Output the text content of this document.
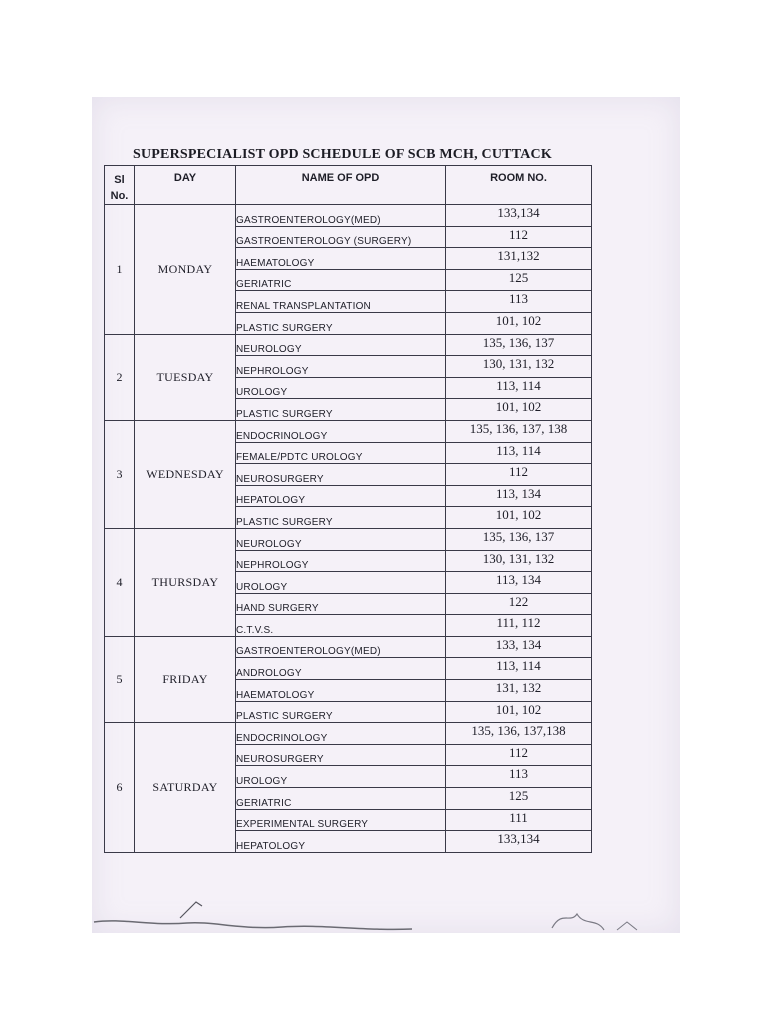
SUPERSPECIALIST OPD SCHEDULE OF SCB MCH, CUTTACK
Sl
No.	DAY	NAME OF OPD	ROOM NO.
1	MONDAY	GASTROENTEROLOGY(MED)	133,134
		GASTROENTEROLOGY (SURGERY)	112
		HAEMATOLOGY	131,132
		GERIATRIC	125
		RENAL TRANSPLANTATION	113
		PLASTIC SURGERY	101, 102
2	TUESDAY	NEUROLOGY	135, 136, 137
		NEPHROLOGY	130, 131, 132
		UROLOGY	113, 114
		PLASTIC SURGERY	101, 102
3	WEDNESDAY	ENDOCRINOLOGY	135, 136, 137, 138
		FEMALE/PDTC UROLOGY	113, 114
		NEUROSURGERY	112
		HEPATOLOGY	113, 134
		PLASTIC SURGERY	101, 102
4	THURSDAY	NEUROLOGY	135, 136, 137
		NEPHROLOGY	130, 131, 132
		UROLOGY	113, 134
		HAND SURGERY	122
		C.T.V.S.	111, 112
5	FRIDAY	GASTROENTEROLOGY(MED)	133, 134
		ANDROLOGY	113, 114
		HAEMATOLOGY	131, 132
		PLASTIC SURGERY	101, 102
6	SATURDAY	ENDOCRINOLOGY	135, 136, 137,138
		NEUROSURGERY	112
		UROLOGY	113
		GERIATRIC	125
		EXPERIMENTAL SURGERY	111
		HEPATOLOGY	133,134
